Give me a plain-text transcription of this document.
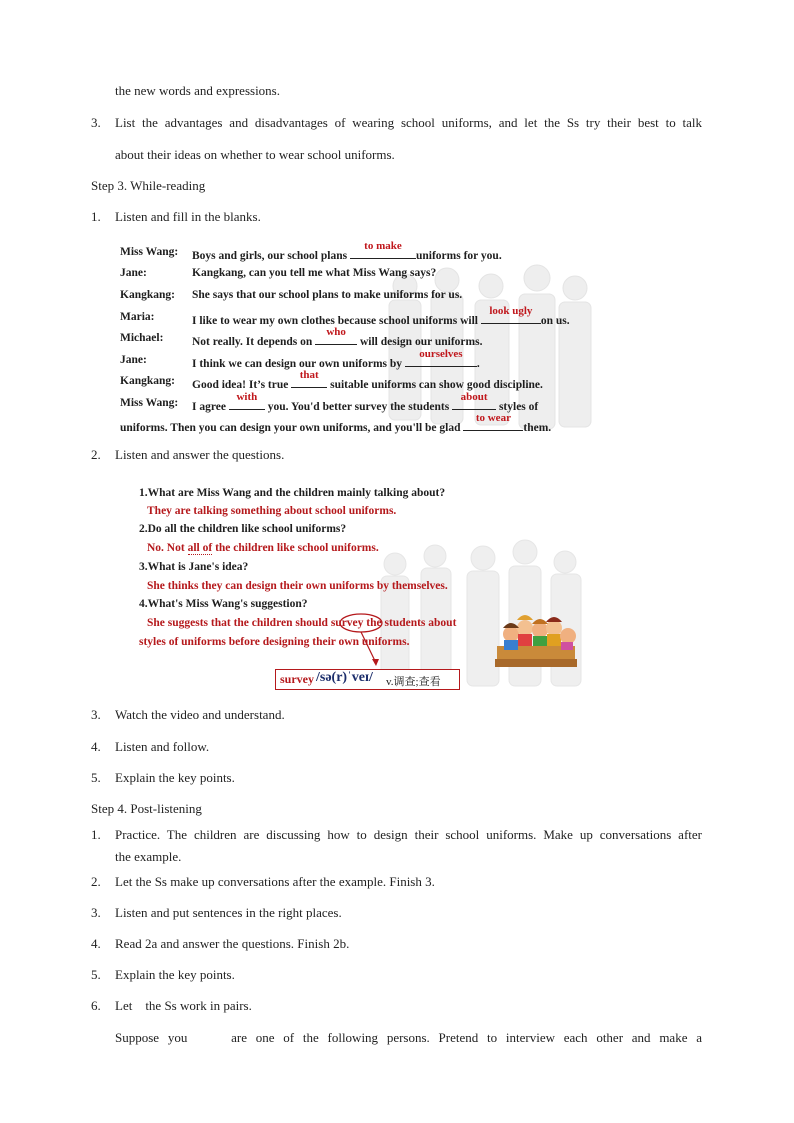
the new words and expressions.
3. List the advantages and disadvantages of wearing school uniforms, and let the Ss try their best to talk
about their ideas on whether to wear school uniforms.
Step 3. While-reading
1. Listen and fill in the blanks.
Miss Wang: Boys and girls, our school plans
to make
uniforms for you.
Jane:	Kangkang, can you tell me what Miss Wang says?
Kangkang: She says that our school plans to make uniforms for us.
Maria:	I like to wear my own clothes because school uniforms will
look ugly
on us.
Michael: Not really. It depends on
who
will design our uniforms.
Jane:	I think we can design our own uniforms by
ourselves
.
Kangkang: Good idea! It’s true
that
suitable uniforms can show good discipline.
Miss Wang: I agree
with
you. You'd better survey the students
about
styles of
uniforms. Then you can design your own uniforms, and you'll be glad
to wear
them.
2. Listen and answer the questions.
1.What are Miss Wang and the children mainly talking about?
They are talking something about school uniforms.
2.Do all the children like school uniforms?
No. Not all of the children like school uniforms.
3.What is Jane's idea?
She thinks they can design their own uniforms by themselves.
4.What's Miss Wang's suggestion?
She suggests that the children should survey the students about
styles of uniforms before designing their own uniforms.
survey /sə(r)ˈveɪ/ v.调查;查看
3. Watch the video and understand.
4. Listen and follow.
5. Explain the key points.
Step 4. Post-listening
1. Practice. The children are discussing how to design their school uniforms. Make up conversations after
the example.
2. Let the Ss make up conversations after the example. Finish 3.
3. Listen and put sentences in the right places.
4. Read 2a and answer the questions. Finish 2b.
5. Explain the key points.
6. Let    the Ss work in pairs.
Suppose you     are one of the following persons. Pretend to interview each other and make a
